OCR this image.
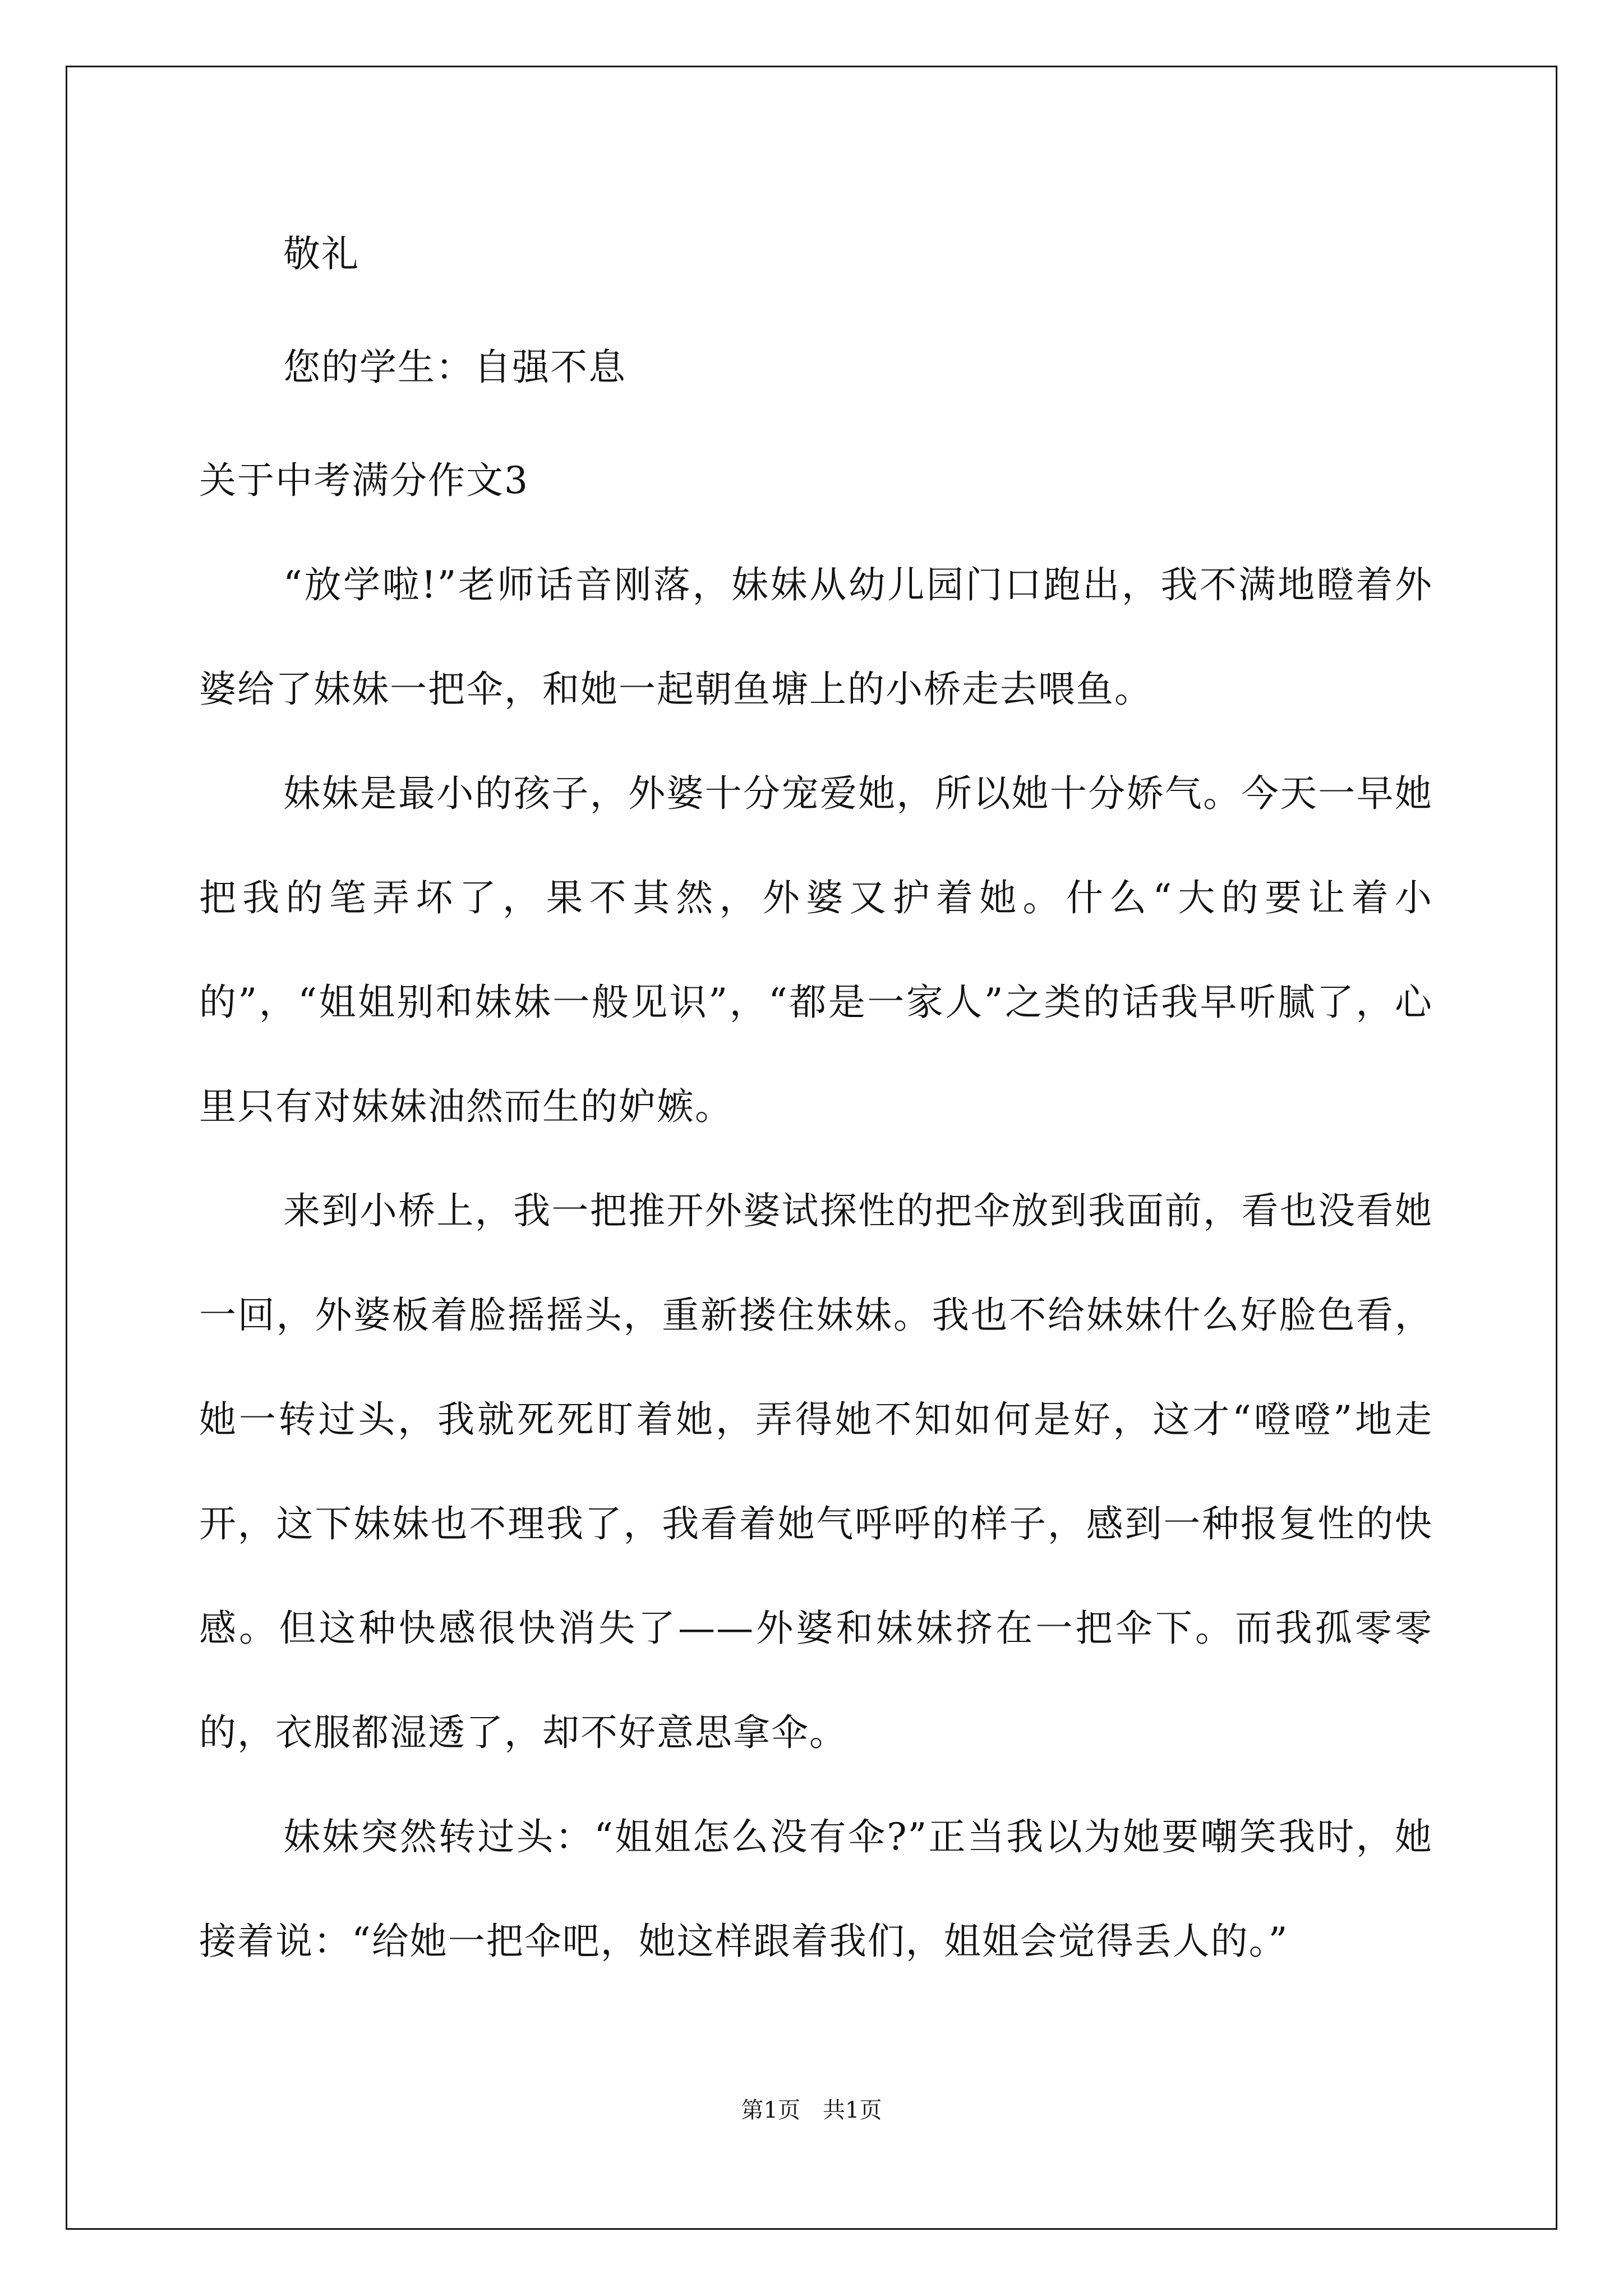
敬礼

您的学生：自强不息

关于中考满分作文3

“放学啦!”老师话音刚落，妹妹从幼儿园门口跑出，我不满地瞪着外婆给了妹妹一把伞，和她一起朝鱼塘上的小桥走去喂鱼。

妹妹是最小的孩子，外婆十分宠爱她，所以她十分娇气。今天一早她把我的笔弄坏了，果不其然，外婆又护着她。什么“大的要让着小的”，“姐姐别和妹妹一般见识”，“都是一家人”之类的话我早听腻了，心里只有对妹妹油然而生的妒嫉。

来到小桥上，我一把推开外婆试探性的把伞放到我面前，看也没看她一回，外婆板着脸摇摇头，重新搂住妹妹。我也不给妹妹什么好脸色看，她一转过头，我就死死盯着她，弄得她不知如何是好，这才“噔噔”地走开，这下妹妹也不理我了，我看着她气呼呼的样子，感到一种报复性的快感。但这种快感很快消失了——外婆和妹妹挤在一把伞下。而我孤零零的，衣服都湿透了，却不好意思拿伞。

妹妹突然转过头：“姐姐怎么没有伞?”正当我以为她要嘲笑我时，她接着说：“给她一把伞吧，她这样跟着我们，姐姐会觉得丢人的。”

第1页 共1页
